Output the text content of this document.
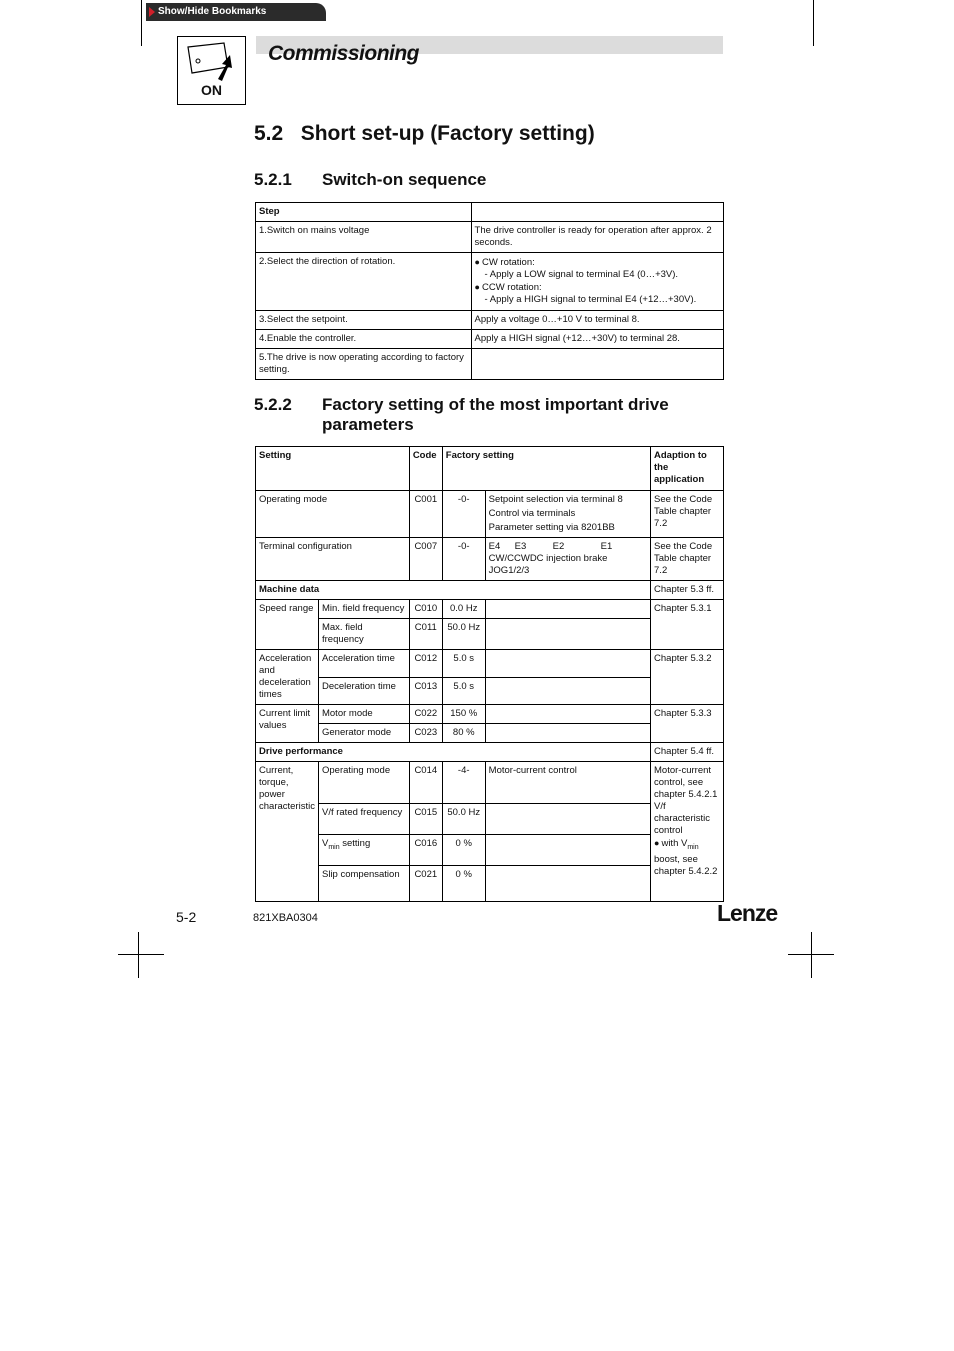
Show/Hide Bookmarks
ON
Commissioning
5.2   Short set-up (Factory setting)
5.2.1 Switch-on sequence
Step	
1.Switch on mains voltage	The drive controller is ready for operation after approx. 2 seconds.
2.Select the direction of rotation.	● CW rotation:
- Apply a LOW signal to terminal E4 (0…+3V).
● CCW rotation:
- Apply a HIGH signal to terminal E4 (+12…+30V).

3.Select the setpoint.	Apply a voltage 0…+10 V to terminal 8.
4.Enable the controller.	Apply a HIGH signal (+12…+30V) to terminal 28.
5.The drive is now operating according to factory setting.	
5.2.2	Factory setting of the most important drive parameters
Setting		Code	Factory setting		Adaption to the application
Operating mode		C001	-0-	Setpoint selection via terminal 8
Control via terminals
Parameter setting via 8201BB	See the Code Table chapter 7.2
Terminal configuration		C007	-0-	E4 E3 E2 E1
CW/CCWDC injection brake JOG1/2/3	See the Code Table chapter 7.2
Machine data					Chapter 5.3 ff.
Speed range	Min. field frequency	C010	0.0 Hz		Chapter 5.3.1
	Max. field frequency	C011	50.0 Hz		
Acceleration and deceleration times	Acceleration time	C012	5.0 s		Chapter 5.3.2
	Deceleration time	C013	5.0 s		
Current limit values	Motor mode	C022	150 %		Chapter 5.3.3
	Generator mode	C023	80 %		
Drive performance					Chapter 5.4 ff.
Current, torque, power characteristic	Operating mode	C014	-4-	Motor-current control	Motor-current control, see chapter 5.4.2.1
V/f characteristic control
● with $V_{min}$ boost, see chapter 5.4.2.2

	V/f rated frequency	C015	50.0 Hz		
	$V_{min}$ setting	C016	0 %		
	Slip compensation	C021	0 %		
5-2	821XBA0304	Lenze
